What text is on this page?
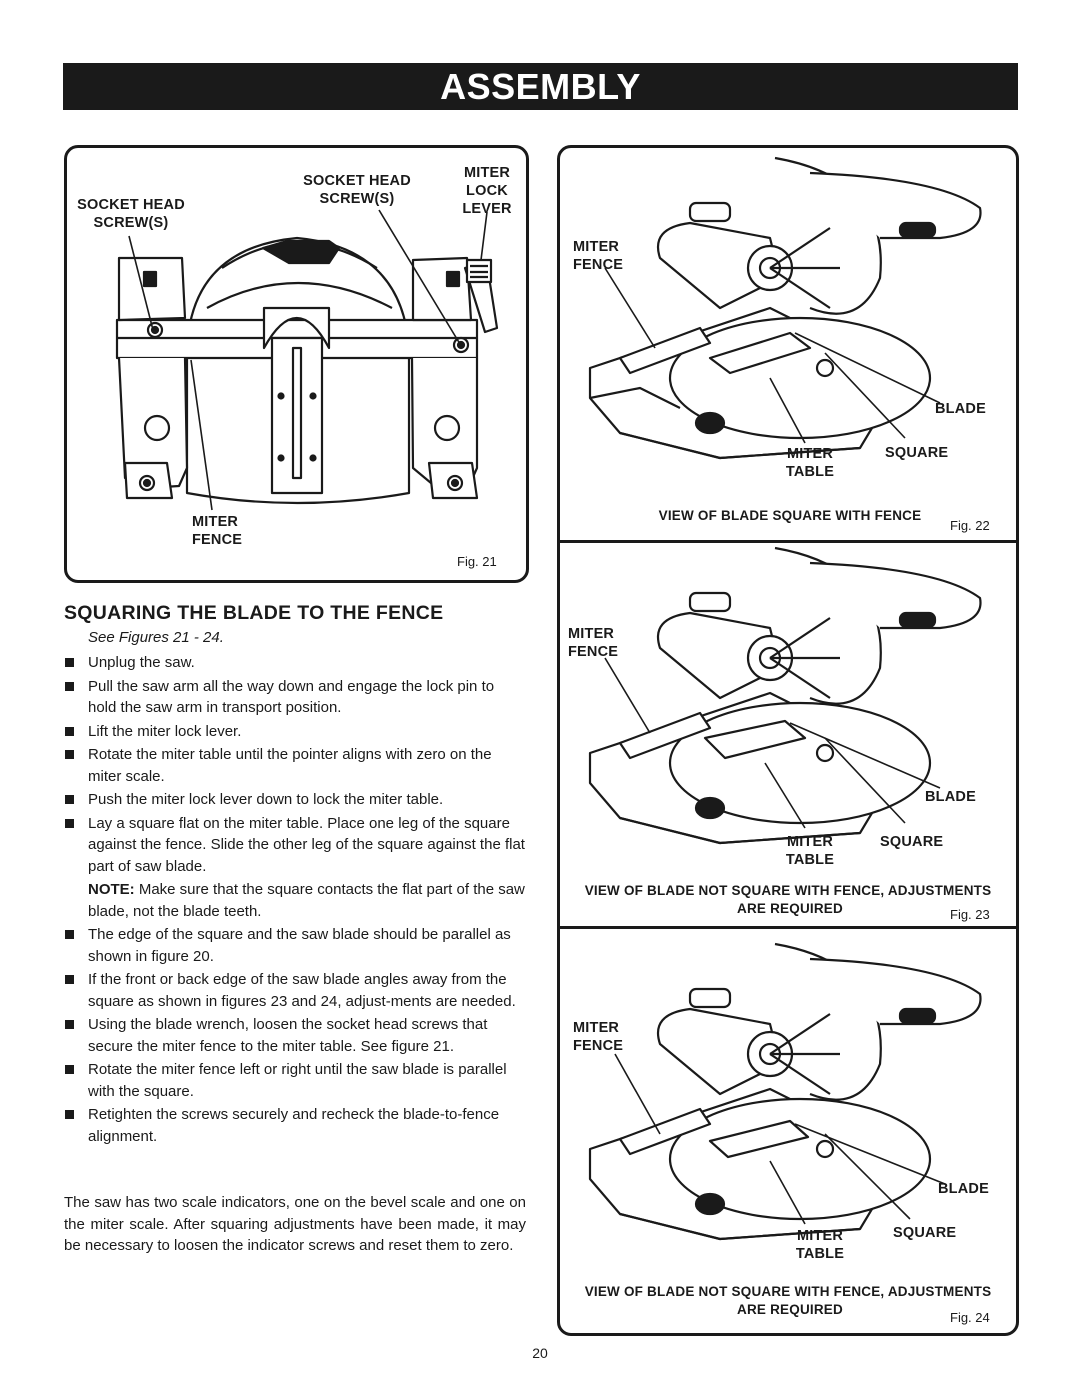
ASSEMBLY
SOCKET HEAD
SCREW(S)
SOCKET HEAD
SCREW(S)
MITER
LOCK
LEVER
MITER
FENCE
Fig. 21
MITER
FENCE
BLADE
SQUARE
MITER
TABLE
VIEW OF BLADE SQUARE WITH FENCE
Fig. 22
MITER
FENCE
BLADE
SQUARE
MITER
TABLE
VIEW OF BLADE NOT SQUARE WITH FENCE, ADJUSTMENTS
ARE REQUIRED	Fig. 23
MITER
FENCE
BLADE
SQUARE
MITER
TABLE
VIEW OF BLADE NOT SQUARE WITH FENCE, ADJUSTMENTS
ARE REQUIRED
Fig. 24
SQUARING THE BLADE TO THE FENCE
See Figures 21 - 24.
Unplug the saw.
Pull the saw arm all the way down and engage the lock pin to hold the saw arm in transport position.
Lift the miter lock lever.
Rotate the miter table until the pointer aligns with zero on the miter scale.
Push the miter lock lever down to lock the miter table.
Lay a square flat on the miter table. Place one leg of the square against the fence. Slide the other leg of the square against the flat part of saw blade.
NOTE: Make sure that the square contacts the flat part of the saw blade, not the blade teeth.
The edge of the square and the saw blade should be parallel as shown in figure 20.
If the front or back edge of the saw blade angles away from the square as shown in figures 23 and 24, adjust-ments are needed.
Using the blade wrench, loosen the socket head screws that secure the miter fence to the miter table. See figure 21.
Rotate the miter fence left or right until the saw blade is parallel with the square.
Retighten the screws securely and recheck the blade-to-fence alignment.
The saw has two scale indicators, one on the bevel scale and one on the miter scale. After squaring adjustments have been made, it may be necessary to loosen the indicator screws and reset them to zero.
20
